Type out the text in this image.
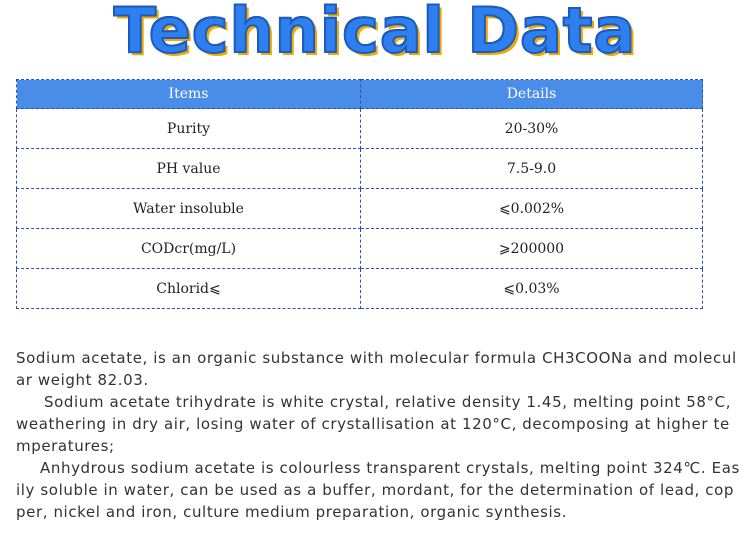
Technical Data
Items	Details
Purity	20-30%
PH value	7.5-9.0
Water insoluble	⩽0.002%
CODcr(mg/L)	⩾200000
Chlorid⩽	⩽0.03%

Sodium acetate, is an organic substance with molecular formula CH3COONa and molecular weight 82.03.

Sodium acetate trihydrate is white crystal, relative density 1.45, melting point 58°C, weathering in dry air, losing water of crystallisation at 120°C, decomposing at higher temperatures;

Anhydrous sodium acetate is colourless transparent crystals, melting point 324℃. Easily soluble in water, can be used as a buffer, mordant, for the determination of lead, copper, nickel and iron, culture medium preparation, organic synthesis.
